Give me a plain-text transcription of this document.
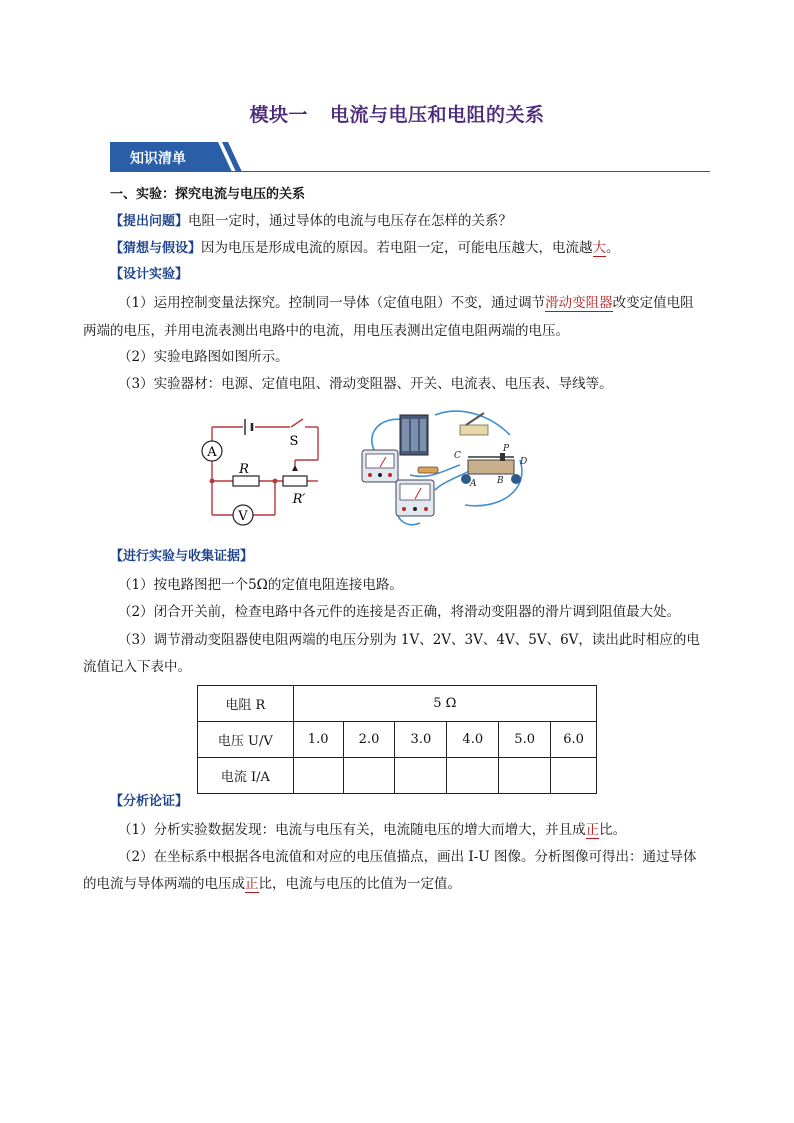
模块一 电流与电压和电阻的关系
知识清单
一、实验：探究电流与电压的关系
【提出问题】电阻一定时，通过导体的电流与电压存在怎样的关系？
【猜想与假设】因为电压是形成电流的原因。若电阻一定，可能电压越大，电流越大。
【设计实验】
（1）运用控制变量法探究。控制同一导体（定值电阻）不变，通过调节滑动变阻器改变定值电阻
两端的电压，并用电流表测出电路中的电流，用电压表测出定值电阻两端的电压。
（2）实验电路图如图所示。
（3）实验器材：电源、定值电阻、滑动变阻器、开关、电流表、电压表、导线等。
A
V
S
R
R′
C
P
D
A B
【进行实验与收集证据】
（1）按电路图把一个5Ω的定值电阻连接电路。
（2）闭合开关前，检查电路中各元件的连接是否正确，将滑动变阻器的滑片调到阻值最大处。
（3）调节滑动变阻器使电阻两端的电压分别为 1V、2V、3V、4V、5V、6V，读出此时相应的电
流值记入下表中。
电阻 R	5 Ω					
电压 U/V	1.0	2.0	3.0	4.0	5.0	6.0
电流 I/A						
【分析论证】
（1）分析实验数据发现：电流与电压有关，电流随电压的增大而增大，并且成正比。
（2）在坐标系中根据各电流值和对应的电压值描点，画出 I-U 图像。分析图像可得出：通过导体
的电流与导体两端的电压成正比，电流与电压的比值为一定值。
